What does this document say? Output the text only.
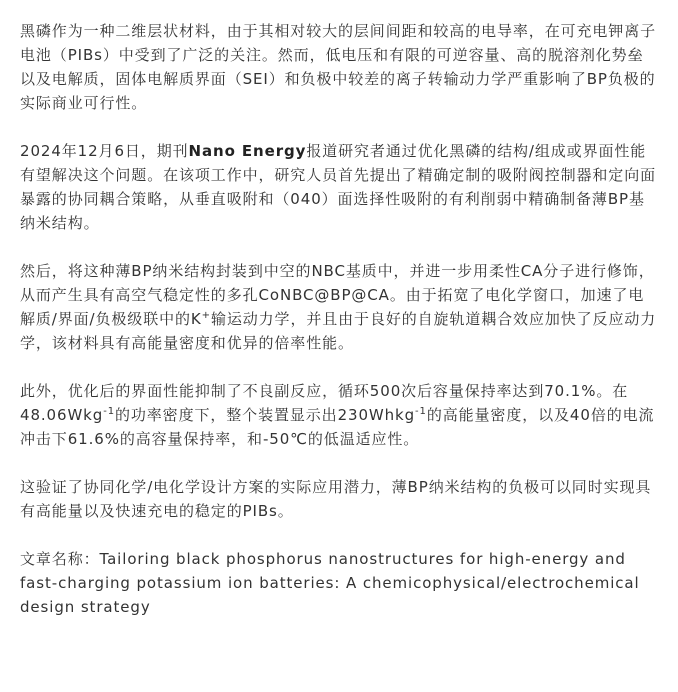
黑磷作为一种二维层状材料，由于其相对较大的层间间距和较高的电导率，在可充电钾离子电池（PIBs）中受到了广泛的关注。然而，低电压和有限的可逆容量、高的脱溶剂化势垒以及电解质，固体电解质界面（SEI）和负极中较差的离子转输动力学严重影响了BP负极的实际商业可行性。

2024年12月6日，期刊Nano Energy报道研究者通过优化黑磷的结构/组成或界面性能有望解决这个问题。在该项工作中，研究人员首先提出了精确定制的吸附阀控制器和定向面暴露的协同耦合策略，从垂直吸附和（040）面选择性吸附的有利削弱中精确制备薄BP基纳米结构。

然后，将这种薄BP纳米结构封装到中空的NBC基质中，并进一步用柔性CA分子进行修饰，从而产生具有高空气稳定性的多孔CoNBC@BP@CA。由于拓宽了电化学窗口，加速了电解质/界面/负极级联中的K+输运动力学，并且由于良好的自旋轨道耦合效应加快了反应动力学，该材料具有高能量密度和优异的倍率性能。

此外，优化后的界面性能抑制了不良副反应，循环500次后容量保持率达到70.1%。在48.06Wkg$^{-1}$的功率密度下，整个装置显示出230Whkg$^{-1}$的高能量密度，以及40倍的电流冲击下61.6%的高容量保持率，和-50℃的低温适应性。

这验证了协同化学/电化学设计方案的实际应用潜力，薄BP纳米结构的负极可以同时实现具有高能量以及快速充电的稳定的PIBs。

文章名称：Tailoring black phosphorus nanostructures for high-energy and fast-charging potassium ion batteries: A chemicophysical/electrochemical design strategy
